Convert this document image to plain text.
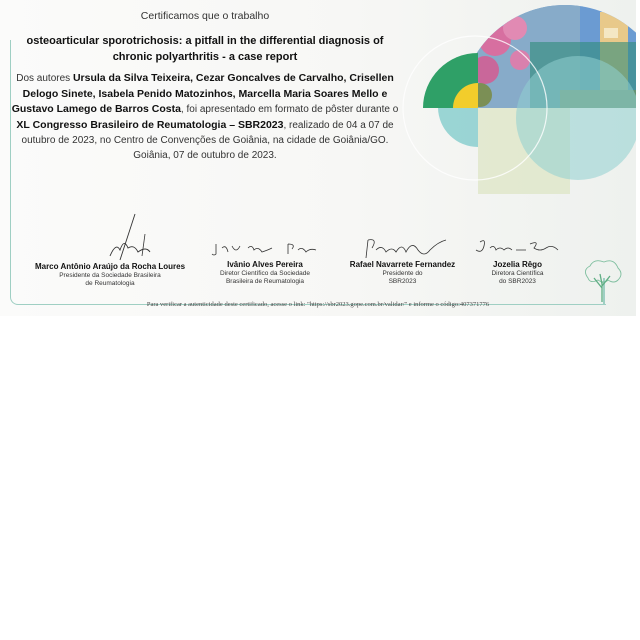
Certificamos que o trabalho
osteoarticular sporotrichosis: a pitfall in the differential diagnosis of chronic polyarthritis - a case report
Dos autores Ursula da Silva Teixeira, Cezar Goncalves de Carvalho, Crisellen Delogo Sinete, Isabela Penido Matozinhos, Marcella Maria Soares Mello e Gustavo Lamego de Barros Costa, foi apresentado em formato de pôster durante o XL Congresso Brasileiro de Reumatologia – SBR2023, realizado de 04 a 07 de outubro de 2023, no Centro de Convenções de Goiânia, na cidade de Goiânia/GO.
Goiânia, 07 de outubro de 2023.
Marco Antônio Araújo da Rocha Loures
Presidente da Sociedade Brasileira
de Reumatologia
Ivânio Alves Pereira
Diretor Científico da Sociedade
Brasileira de Reumatologia
Rafael Navarrete Fernandez
Presidente do
SBR2023
Jozelia Rêgo
Diretora Científica
do SBR2023
Para verificar a autenticidade deste certificado, acesse o link: "https://sbr2023.gope.com.br/validar/" e informe o código:407371776
